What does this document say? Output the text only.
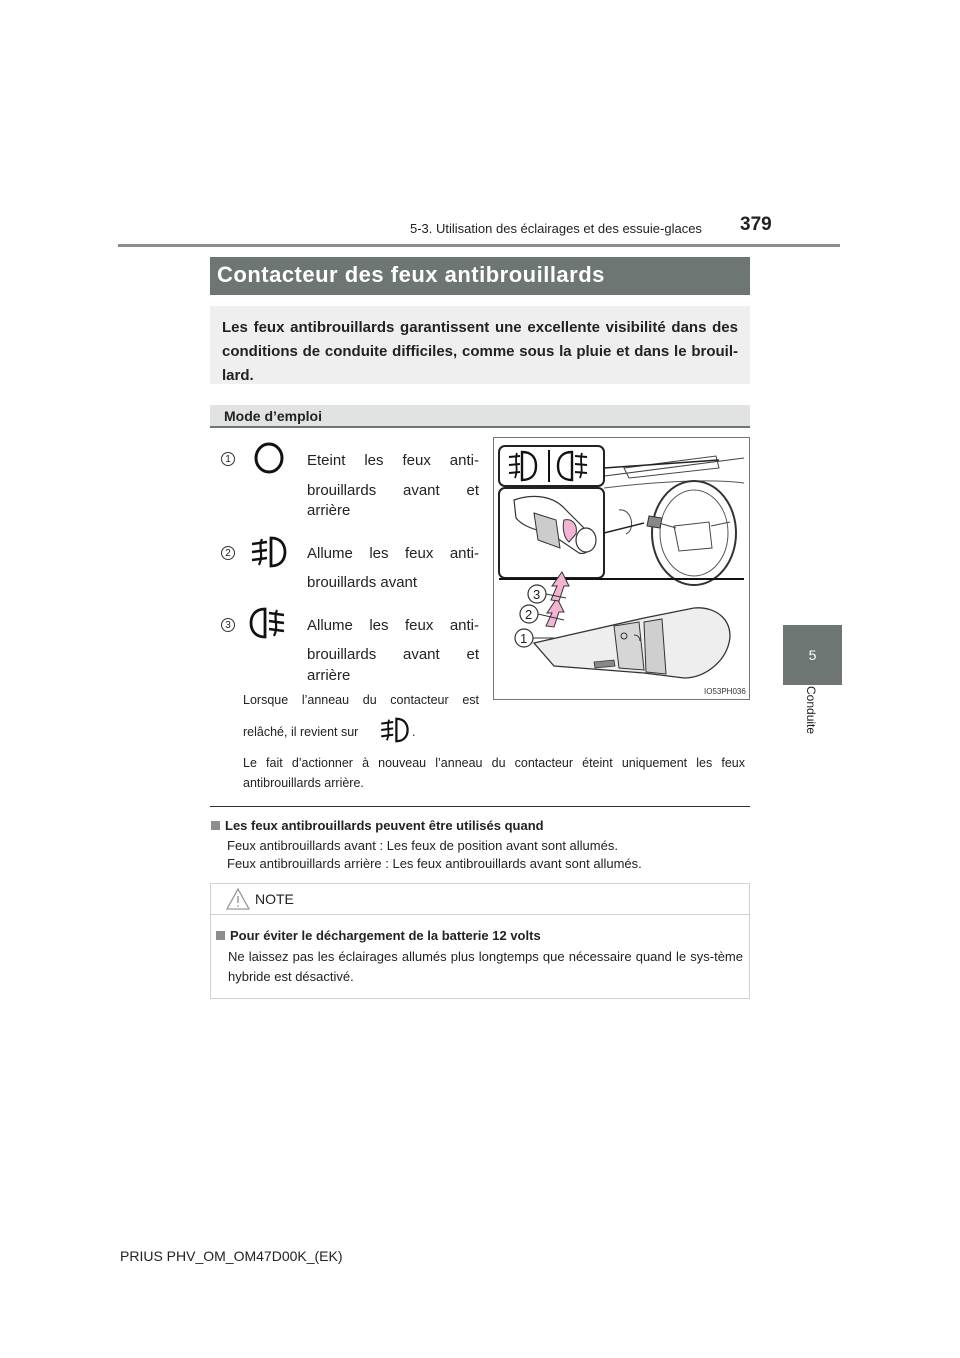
5-3. Utilisation des éclairages et des essuie-glaces 379
5
Conduite
Contacteur des feux antibrouillards
Les feux antibrouillards garantissent une excellente visibilité dans des conditions de conduite difficiles, comme sous la pluie et dans le brouil-lard.
Mode d’emploi
1	Eteint les feux anti-
brouillards avant et
arrière
2	Allume les feux anti-
brouillards avant
3	Allume les feux anti-
brouillards avant et
arrière
Lorsque l’anneau du contacteur est
relâché, il revient sur	.
Le fait d’actionner à nouveau l’anneau du contacteur éteint uniquement les feux
antibrouillards arrière.
3
2
1
IO53PH036
Les feux antibrouillards peuvent être utilisés quand
Feux antibrouillards avant : Les feux de position avant sont allumés.
Feux antibrouillards arrière : Les feux antibrouillards avant sont allumés.
NOTE
Pour éviter le déchargement de la batterie 12 volts
Ne laissez pas les éclairages allumés plus longtemps que nécessaire quand le sys-tème hybride est désactivé.
PRIUS PHV_OM_OM47D00K_(EK)
